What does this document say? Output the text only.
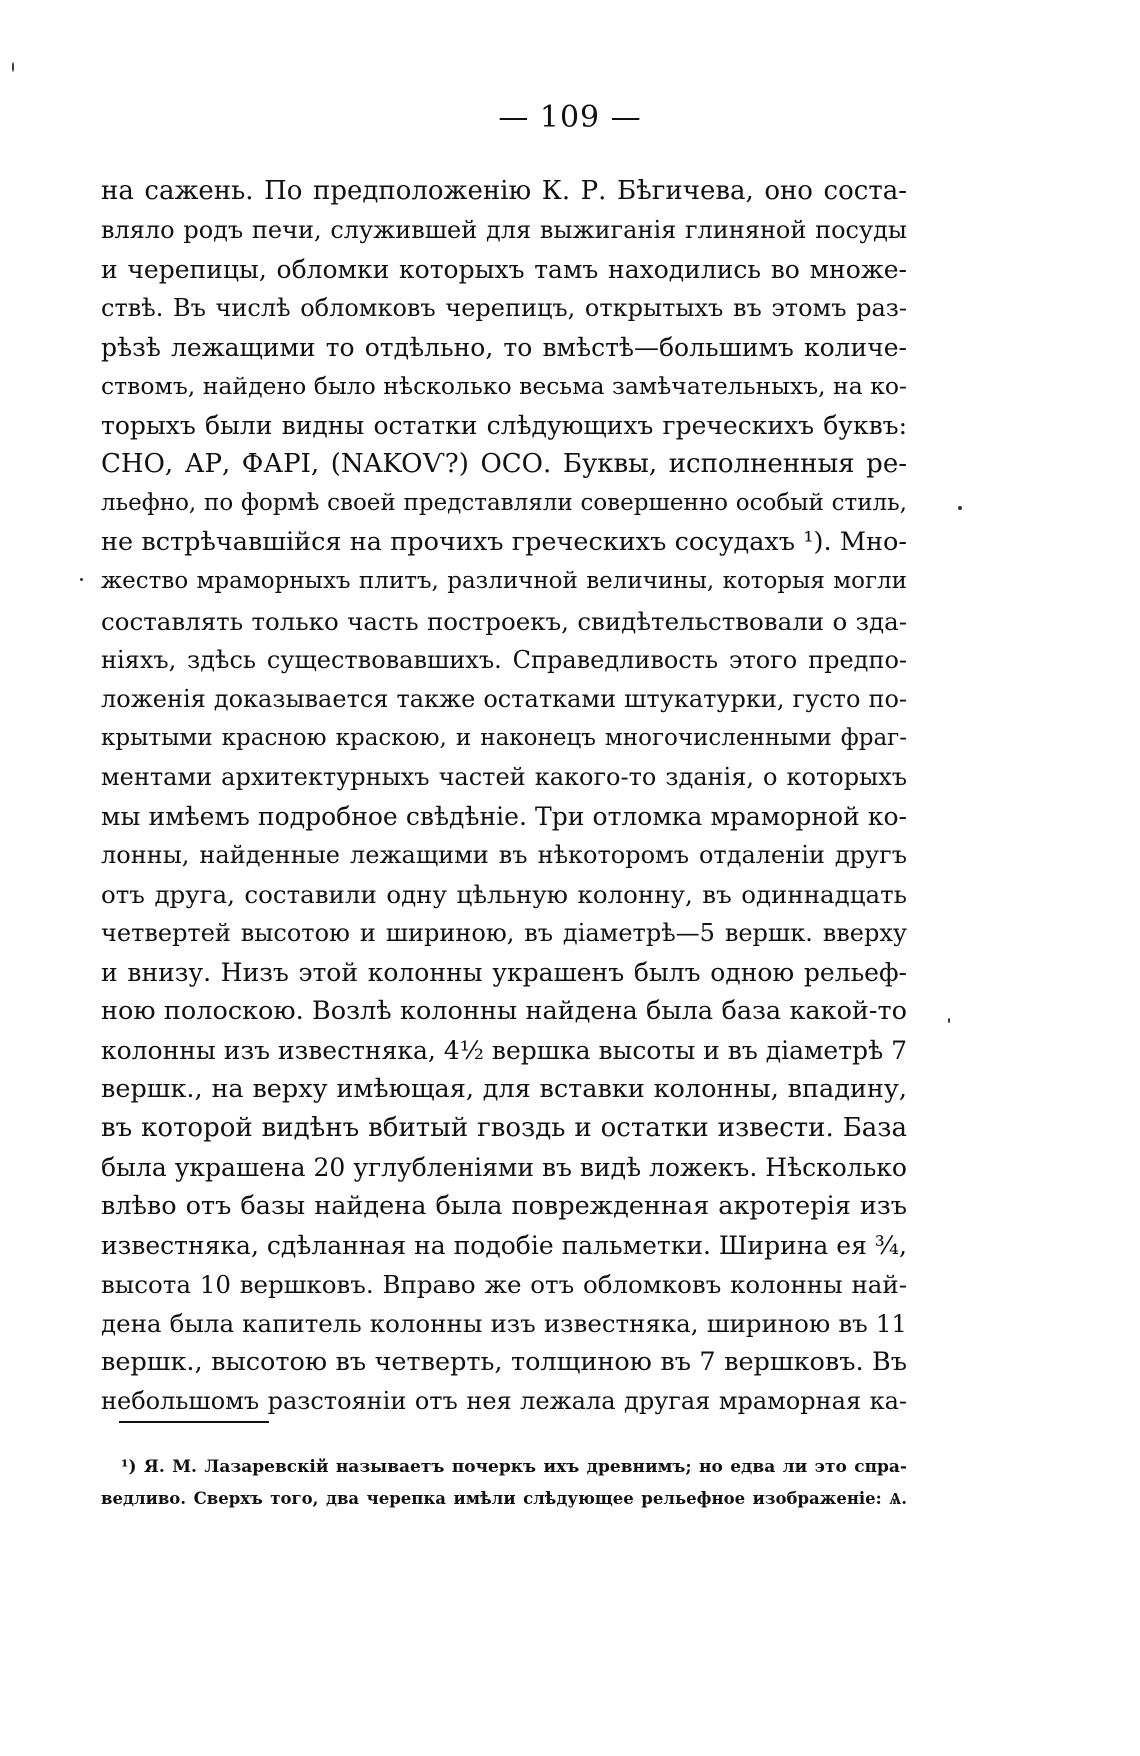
— 109 —
на сажень. По предположенію К. Р. Бѣгичева, оно соста-
вляло родъ печи, служившей для выжиганія глиняной посуды
и черепицы, обломки которыхъ тамъ находились во множе-
ствѣ. Въ числѣ обломковъ черепицъ, открытыхъ въ этомъ раз-
рѣзѣ лежащими то отдѣльно, то вмѣстѣ—большимъ количе-
ствомъ, найдено было нѣсколько весьма замѣчательныхъ, на ко-
торыхъ были видны остатки слѣдующихъ греческихъ буквъ:
СНО, АР, ФАРІ, (NAKOѴ?) ОСО. Буквы, исполненныя ре-
льефно, по формѣ своей представляли совершенно особый стиль,
не встрѣчавшійся на прочихъ греческихъ сосудахъ ¹). Мно-
жество мраморныхъ плитъ, различной величины, которыя могли
составлять только часть построекъ, свидѣтельствовали о зда-
ніяхъ, здѣсь существовавшихъ. Справедливость этого предпо-
ложенія доказывается также остатками штукатурки, густо по-
крытыми красною краскою, и наконецъ многочисленными фраг-
ментами архитектурныхъ частей какого-то зданія, о которыхъ
мы имѣемъ подробное свѣдѣніе. Три отломка мраморной ко-
лонны, найденные лежащими въ нѣкоторомъ отдаленіи другъ
отъ друга, составили одну цѣльную колонну, въ одиннадцать
четвертей высотою и шириною, въ діаметрѣ—5 вершк. вверху
и внизу. Низъ этой колонны украшенъ былъ одною рельеф-
ною полоскою. Возлѣ колонны найдена была база какой-то
колонны изъ известняка, 4½ вершка высоты и въ діаметрѣ 7
вершк., на верху имѣющая, для вставки колонны, впадину,
въ которой видѣнъ вбитый гвоздь и остатки извести. База
была украшена 20 углубленіями въ видѣ ложекъ. Нѣсколько
влѣво отъ базы найдена была поврежденная акротерія изъ
известняка, сдѣланная на подобіе пальметки. Ширина ея ¾,
высота 10 вершковъ. Вправо же отъ обломковъ колонны най-
дена была капитель колонны изъ известняка, шириною въ 11
вершк., высотою въ четверть, толщиною въ 7 вершковъ. Въ
небольшомъ разстояніи отъ нея лежала другая мраморная ка-
¹) Я. М. Лазаревскій называетъ почеркъ ихъ древнимъ; но едва ли это спра-
ведливо. Сверхъ того, два черепка имѣли слѣдующее рельефное изображеніе: Ѧ.
